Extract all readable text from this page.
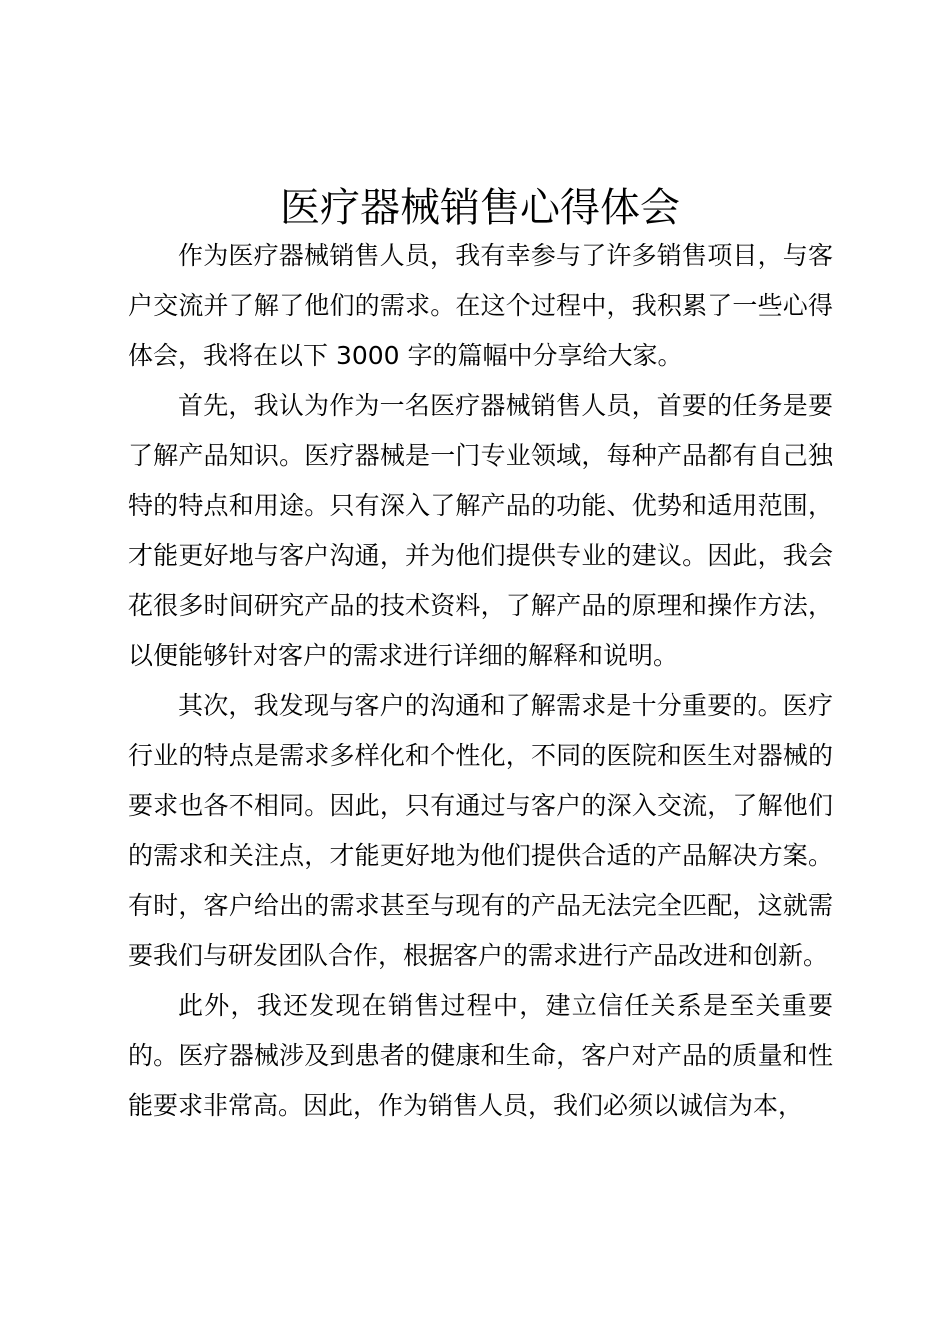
医疗器械销售心得体会

作为医疗器械销售人员，我有幸参与了许多销售项目，与客户交流并了解了他们的需求。在这个过程中，我积累了一些心得体会，我将在以下 3000 字的篇幅中分享给大家。

首先，我认为作为一名医疗器械销售人员，首要的任务是要了解产品知识。医疗器械是一门专业领域，每种产品都有自己独特的特点和用途。只有深入了解产品的功能、优势和适用范围，才能更好地与客户沟通，并为他们提供专业的建议。因此，我会花很多时间研究产品的技术资料，了解产品的原理和操作方法，以便能够针对客户的需求进行详细的解释和说明。

其次，我发现与客户的沟通和了解需求是十分重要的。医疗行业的特点是需求多样化和个性化，不同的医院和医生对器械的要求也各不相同。因此，只有通过与客户的深入交流，了解他们的需求和关注点，才能更好地为他们提供合适的产品解决方案。有时，客户给出的需求甚至与现有的产品无法完全匹配，这就需要我们与研发团队合作，根据客户的需求进行产品改进和创新。

此外，我还发现在销售过程中，建立信任关系是至关重要的。医疗器械涉及到患者的健康和生命，客户对产品的质量和性能要求非常高。因此，作为销售人员，我们必须以诚信为本，
